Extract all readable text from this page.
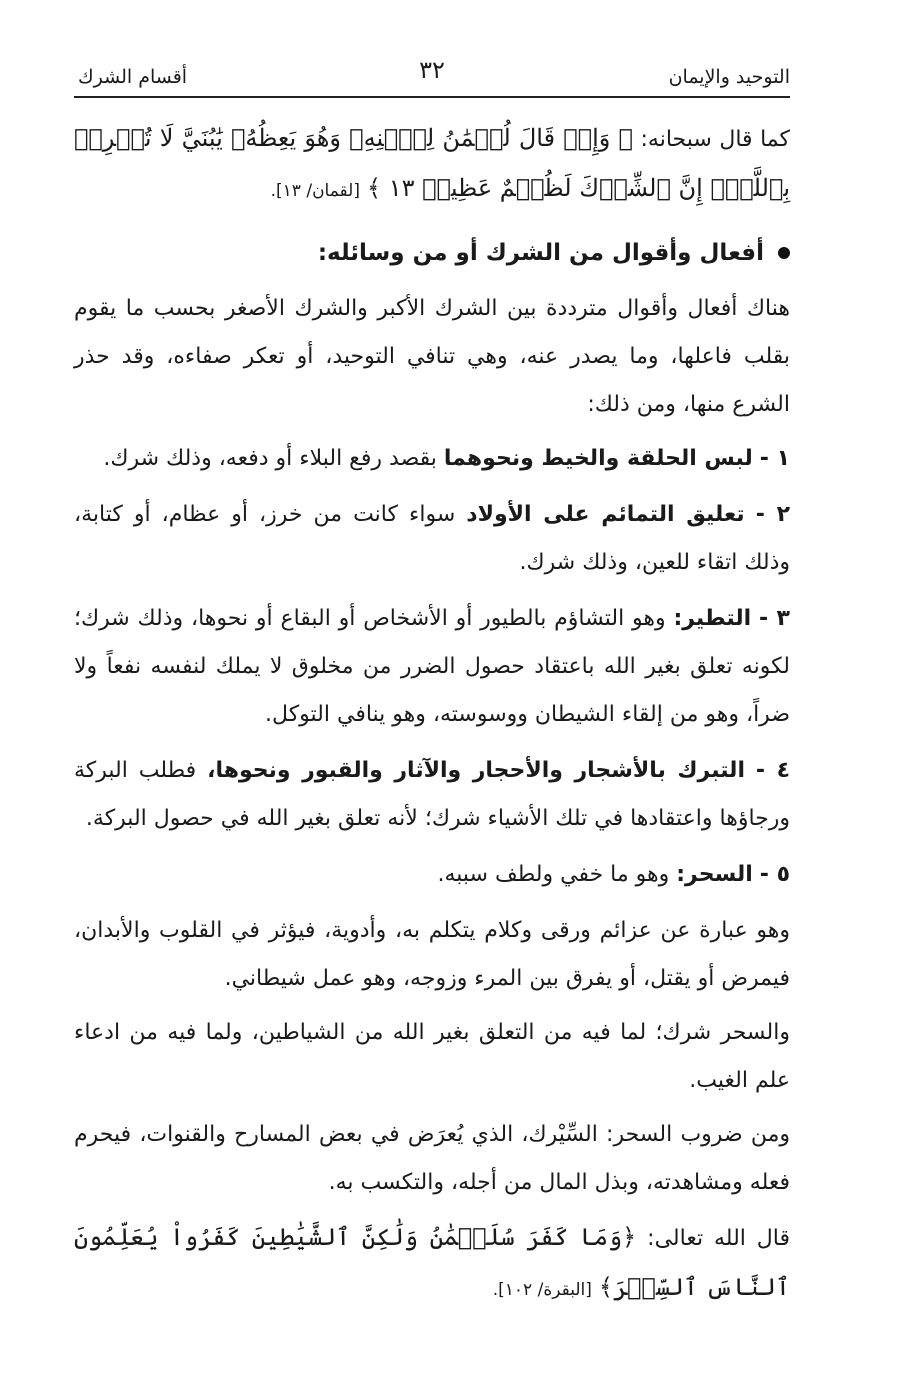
التوحيد والإيمان
٣٢
أقسام الشرك

كما قال سبحانه: ﴿ وَإِذۡ قَالَ لُقۡمَٰنُ لِٱبۡنِهِۦ وَهُوَ يَعِظُهُۥ يَٰبُنَيَّ لَا تُشۡرِكۡ بِٱللَّهِۖ إِنَّ ٱلشِّرۡكَ لَظُلۡمٌ عَظِيمٞ ١٣ ﴾ [لقمان/ ١٣].

أفعال وأقوال من الشرك أو من وسائله:

هناك أفعال وأقوال مترددة بين الشرك الأكبر والشرك الأصغر بحسب ما يقوم بقلب فاعلها، وما يصدر عنه، وهي تنافي التوحيد، أو تعكر صفاءه، وقد حذر الشرع منها، ومن ذلك:

١ - لبس الحلقة والخيط ونحوهما بقصد رفع البلاء أو دفعه، وذلك شرك.

٢ - تعليق التمائم على الأولاد سواء كانت من خرز، أو عظام، أو كتابة، وذلك اتقاء للعين، وذلك شرك.

٣ - التطير: وهو التشاؤم بالطيور أو الأشخاص أو البقاع أو نحوها، وذلك شرك؛ لكونه تعلق بغير الله باعتقاد حصول الضرر من مخلوق لا يملك لنفسه نفعاً ولا ضراً، وهو من إلقاء الشيطان ووسوسته، وهو ينافي التوكل.

٤ - التبرك بالأشجار والأحجار والآثار والقبور ونحوها، فطلب البركة ورجاؤها واعتقادها في تلك الأشياء شرك؛ لأنه تعلق بغير الله في حصول البركة.

٥ - السحر: وهو ما خفي ولطف سببه.

وهو عبارة عن عزائم ورقى وكلام يتكلم به، وأدوية، فيؤثر في القلوب والأبدان، فيمرض أو يقتل، أو يفرق بين المرء وزوجه، وهو عمل شيطاني.

والسحر شرك؛ لما فيه من التعلق بغير الله من الشياطين، ولما فيه من ادعاء علم الغيب.

ومن ضروب السحر: السِّيْرك، الذي يُعرَض في بعض المسارح والقنوات، فيحرم فعله ومشاهدته، وبذل المال من أجله، والتكسب به.

قال الله تعالى: ﴿وَمَا كَفَرَ سُلَيۡمَٰنُ وَلَٰكِنَّ ٱلشَّيَٰطِينَ كَفَرُواْ يُعَلِّمُونَ ٱلنَّاسَ ٱلسِّحۡرَ﴾ [البقرة/ ١٠٢].
